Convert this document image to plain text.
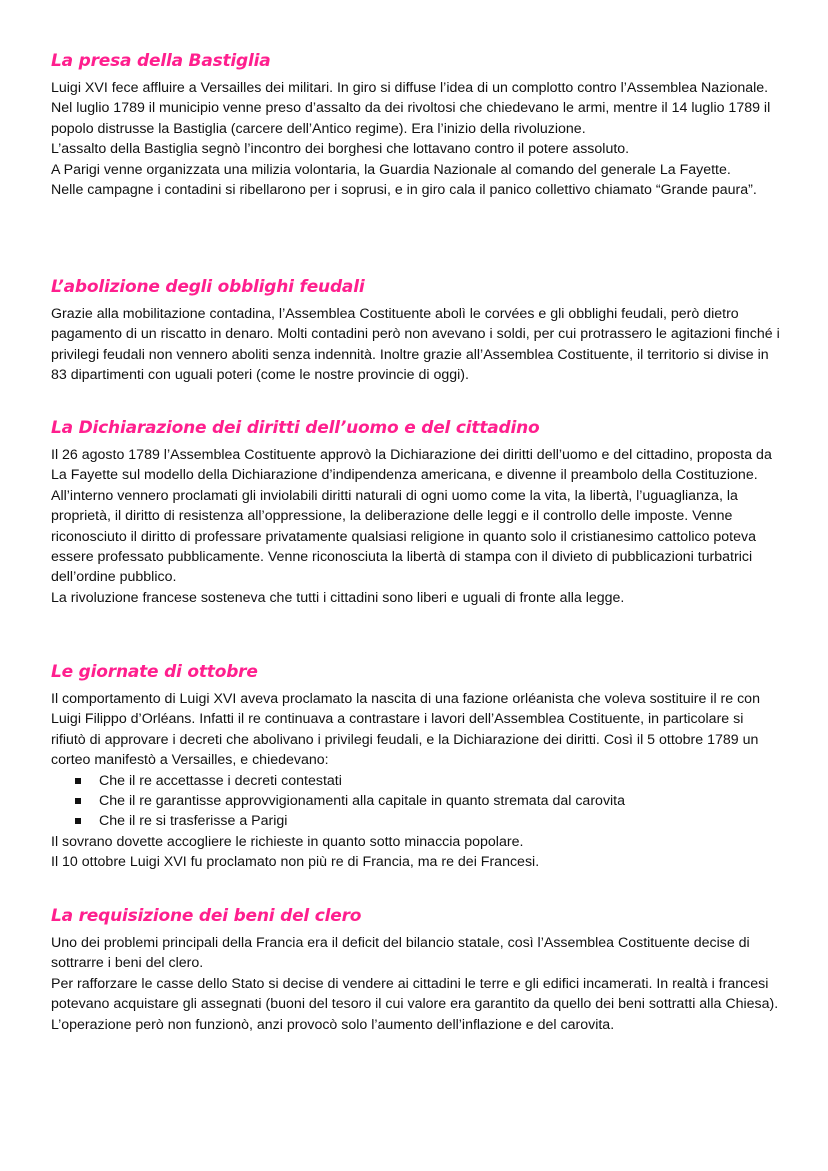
La presa della Bastiglia

Luigi XVI fece affluire a Versailles dei militari. In giro si diffuse l’idea di un complotto contro l’Assemblea Nazionale.

Nel luglio 1789 il municipio venne preso d’assalto da dei rivoltosi che chiedevano le armi, mentre il 14 luglio 1789 il popolo distrusse la Bastiglia (carcere dell’Antico regime). Era l’inizio della rivoluzione.

L’assalto della Bastiglia segnò l’incontro dei borghesi che lottavano contro il potere assoluto.

A Parigi venne organizzata una milizia volontaria, la Guardia Nazionale al comando del generale La Fayette.

Nelle campagne i contadini si ribellarono per i soprusi, e in giro cala il panico collettivo chiamato “Grande paura”.

L’abolizione degli obblighi feudali

Grazie alla mobilitazione contadina, l’Assemblea Costituente abolì le corvées e gli obblighi feudali, però dietro pagamento di un riscatto in denaro. Molti contadini però non avevano i soldi, per cui protrassero le agitazioni finché i privilegi feudali non vennero aboliti senza indennità. Inoltre grazie all’Assemblea Costituente, il territorio si divise in 83 dipartimenti con uguali poteri (come le nostre provincie di oggi).

La Dichiarazione dei diritti dell’uomo e del cittadino

Il 26 agosto 1789 l’Assemblea Costituente approvò la Dichiarazione dei diritti dell’uomo e del cittadino, proposta da La Fayette sul modello della Dichiarazione d’indipendenza americana, e divenne il preambolo della Costituzione.

All’interno vennero proclamati gli inviolabili diritti naturali di ogni uomo come la vita, la libertà, l’uguaglianza, la proprietà, il diritto di resistenza all’oppressione, la deliberazione delle leggi e il controllo delle imposte. Venne riconosciuto il diritto di professare privatamente qualsiasi religione in quanto solo il cristianesimo cattolico poteva essere professato pubblicamente. Venne riconosciuta la libertà di stampa con il divieto di pubblicazioni turbatrici dell’ordine pubblico.

La rivoluzione francese sosteneva che tutti i cittadini sono liberi e uguali di fronte alla legge.

Le giornate di ottobre

Il comportamento di Luigi XVI aveva proclamato la nascita di una fazione orléanista che voleva sostituire il re con Luigi Filippo d’Orléans. Infatti il re continuava a contrastare i lavori dell’Assemblea Costituente, in particolare si rifiutò di approvare i decreti che abolivano i privilegi feudali, e la Dichiarazione dei diritti. Così il 5 ottobre 1789 un corteo manifestò a Versailles, e chiedevano:

Che il re accettasse i decreti contestati
Che il re garantisse approvvigionamenti alla capitale in quanto stremata dal carovita
Che il re si trasferisse a Parigi

Il sovrano dovette accogliere le richieste in quanto sotto minaccia popolare.

Il 10 ottobre Luigi XVI fu proclamato non più re di Francia, ma re dei Francesi.

La requisizione dei beni del clero

Uno dei problemi principali della Francia era il deficit del bilancio statale, così l’Assemblea Costituente decise di sottrarre i beni del clero.

Per rafforzare le casse dello Stato si decise di vendere ai cittadini le terre e gli edifici incamerati. In realtà i francesi potevano acquistare gli assegnati (buoni del tesoro il cui valore era garantito da quello dei beni sottratti alla Chiesa). L’operazione però non funzionò, anzi provocò solo l’aumento dell’inflazione e del carovita.
